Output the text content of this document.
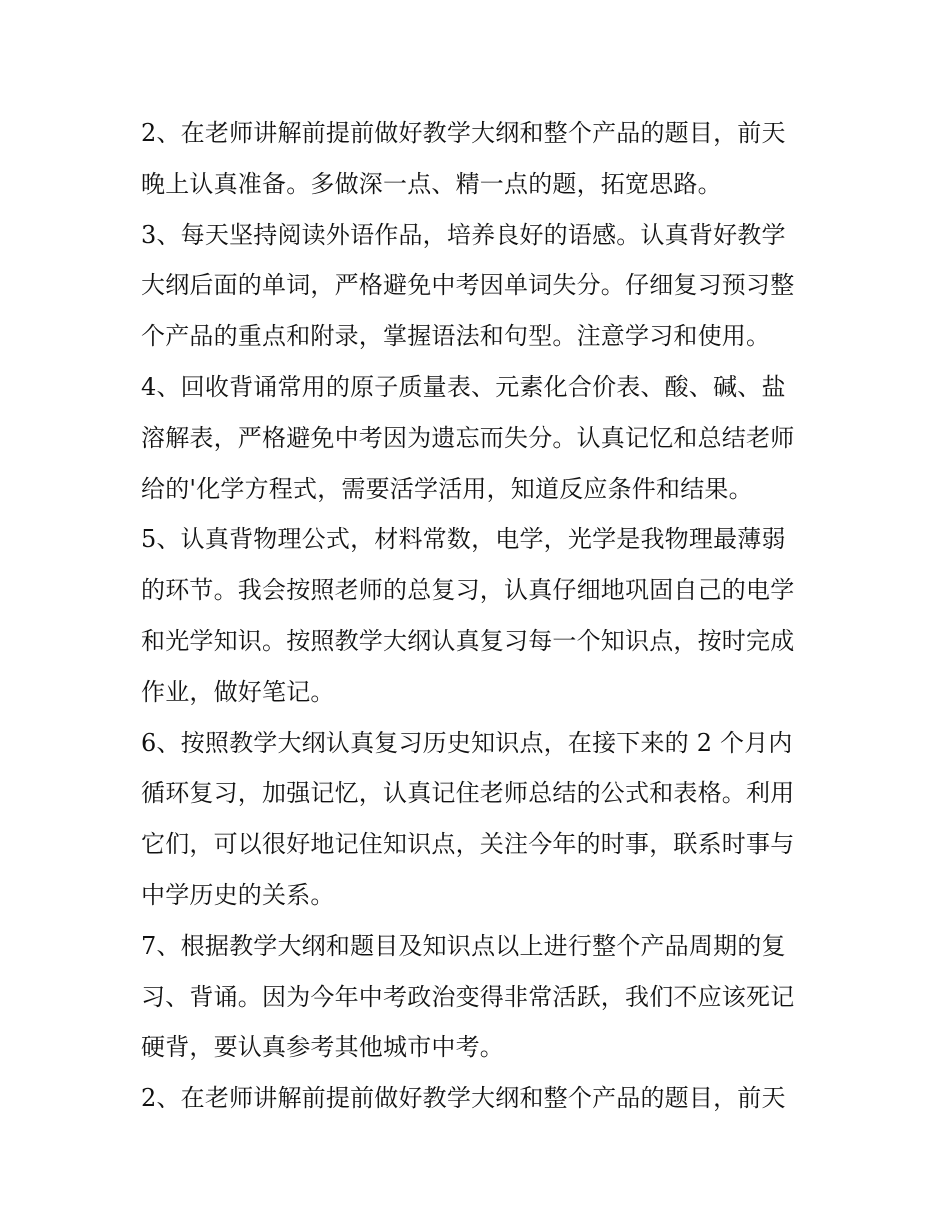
2、在老师讲解前提前做好教学大纲和整个产品的题目，前天
晚上认真准备。多做深一点、精一点的题，拓宽思路。
3、每天坚持阅读外语作品，培养良好的语感。认真背好教学
大纲后面的单词，严格避免中考因单词失分。仔细复习预习整
个产品的重点和附录，掌握语法和句型。注意学习和使用。
4、回收背诵常用的原子质量表、元素化合价表、酸、碱、盐
溶解表，严格避免中考因为遗忘而失分。认真记忆和总结老师
给的'化学方程式，需要活学活用，知道反应条件和结果。
5、认真背物理公式，材料常数，电学，光学是我物理最薄弱
的环节。我会按照老师的总复习，认真仔细地巩固自己的电学
和光学知识。按照教学大纲认真复习每一个知识点，按时完成
作业，做好笔记。
6、按照教学大纲认真复习历史知识点，在接下来的 2 个月内
循环复习，加强记忆，认真记住老师总结的公式和表格。利用
它们，可以很好地记住知识点，关注今年的时事，联系时事与
中学历史的关系。
7、根据教学大纲和题目及知识点以上进行整个产品周期的复
习、背诵。因为今年中考政治变得非常活跃，我们不应该死记
硬背，要认真参考其他城市中考。
2、在老师讲解前提前做好教学大纲和整个产品的题目，前天
